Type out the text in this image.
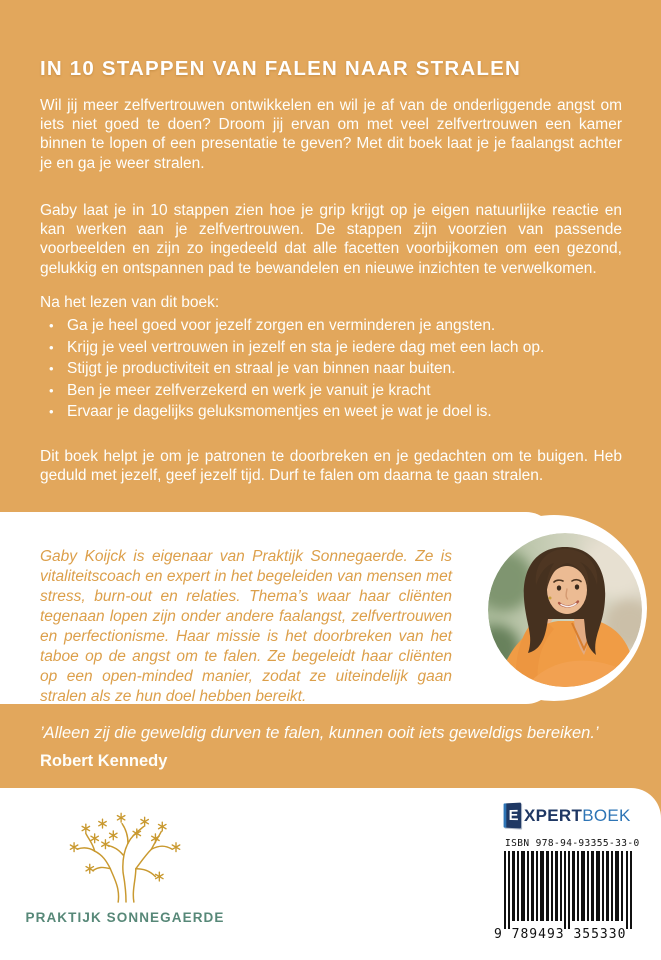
IN 10 STAPPEN VAN FALEN NAAR STRALEN

Wil jij meer zelfvertrouwen ontwikkelen en wil je af van de onderliggende angst om iets niet goed te doen? Droom jij ervan om met veel zelfvertrouwen een kamer binnen te lopen of een presentatie te geven? Met dit boek laat je je faalangst achter je en ga je weer stralen.

Gaby laat je in 10 stappen zien hoe je grip krijgt op je eigen natuurlijke reactie en kan werken aan je zelfvertrouwen. De stappen zijn voorzien van passende voorbeelden en zijn zo ingedeeld dat alle facetten voorbijkomen om een gezond, gelukkig en ontspannen pad te bewandelen en nieuwe inzichten te verwelkomen.

Na het lezen van dit boek:
• Ga je heel goed voor jezelf zorgen en verminderen je angsten.
• Krijg je veel vertrouwen in jezelf en sta je iedere dag met een lach op.
• Stijgt je productiviteit en straal je van binnen naar buiten.
• Ben je meer zelfverzekerd en werk je vanuit je kracht
• Ervaar je dagelijks geluksmomentjes en weet je wat je doel is.

Dit boek helpt je om je patronen te doorbreken en je gedachten om te buigen. Heb geduld met jezelf, geef jezelf tijd. Durf te falen om daarna te gaan stralen.

Gaby Koijck is eigenaar van Praktijk Sonnegaerde. Ze is vitaliteitscoach en expert in het begeleiden van mensen met stress, burn-out en relaties. Thema’s waar haar cliënten tegenaan lopen zijn onder andere faalangst, zelfvertrouwen en perfectionisme. Haar missie is het doorbreken van het taboe op de angst om te falen. Ze begeleidt haar cliënten op een open-minded manier, zodat ze uiteindelijk gaan stralen als ze hun doel hebben bereikt.

’Alleen zij die geweldig durven te falen, kunnen ooit iets geweldigs bereiken.’
Robert Kennedy
PRAKTIJK SONNEGAERDE
E XPERT BOEK
ISBN 978-94-93355-33-0
9 789493 355330
